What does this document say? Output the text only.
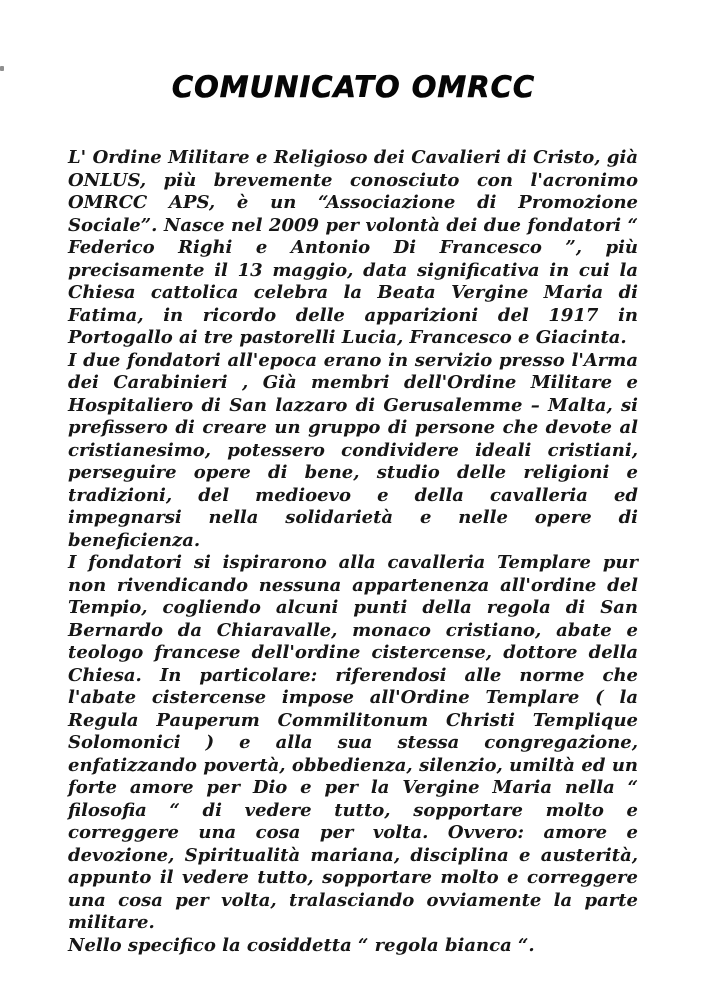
COMUNICATO OMRCC

L' Ordine Militare e Religioso dei Cavalieri di Cristo, già ONLUS, più brevemente conosciuto con l'acronimo OMRCC APS, è un “Associazione di Promozione Sociale”. Nasce nel 2009 per volontà dei due fondatori “ Federico Righi e Antonio Di Francesco ”, più precisamente il 13 maggio, data significativa in cui la Chiesa cattolica celebra la Beata Vergine Maria di Fatima, in ricordo delle apparizioni del 1917 in Portogallo ai tre pastorelli Lucia, Francesco e Giacinta.

I due fondatori all'epoca erano in servizio presso l'Arma dei Carabinieri , Già membri dell'Ordine Militare e Hospitaliero di San lazzaro di Gerusalemme – Malta, si prefissero di creare un gruppo di persone che devote al cristianesimo, potessero condividere ideali cristiani, perseguire opere di bene, studio delle religioni e tradizioni, del medioevo e della cavalleria ed impegnarsi nella solidarietà e nelle opere di beneficienza.

I fondatori si ispirarono alla cavalleria Templare pur non rivendicando nessuna appartenenza all'ordine del Tempio, cogliendo alcuni punti della regola di San Bernardo da Chiaravalle, monaco cristiano, abate e teologo francese dell'ordine cistercense, dottore della Chiesa. In particolare: riferendosi alle norme che l'abate cistercense impose all'Ordine Templare ( la Regula Pauperum Commilitonum Christi Templique Solomonici ) e alla sua stessa congregazione, enfatizzando povertà, obbedienza, silenzio, umiltà ed un forte amore per Dio e per la Vergine Maria nella “ filosofia “ di vedere tutto, sopportare molto e correggere una cosa per volta. Ovvero: amore e devozione, Spiritualità mariana, disciplina e austerità, appunto il vedere tutto, sopportare molto e correggere una cosa per volta, tralasciando ovviamente la parte militare.

Nello specifico la cosiddetta “ regola bianca “.
